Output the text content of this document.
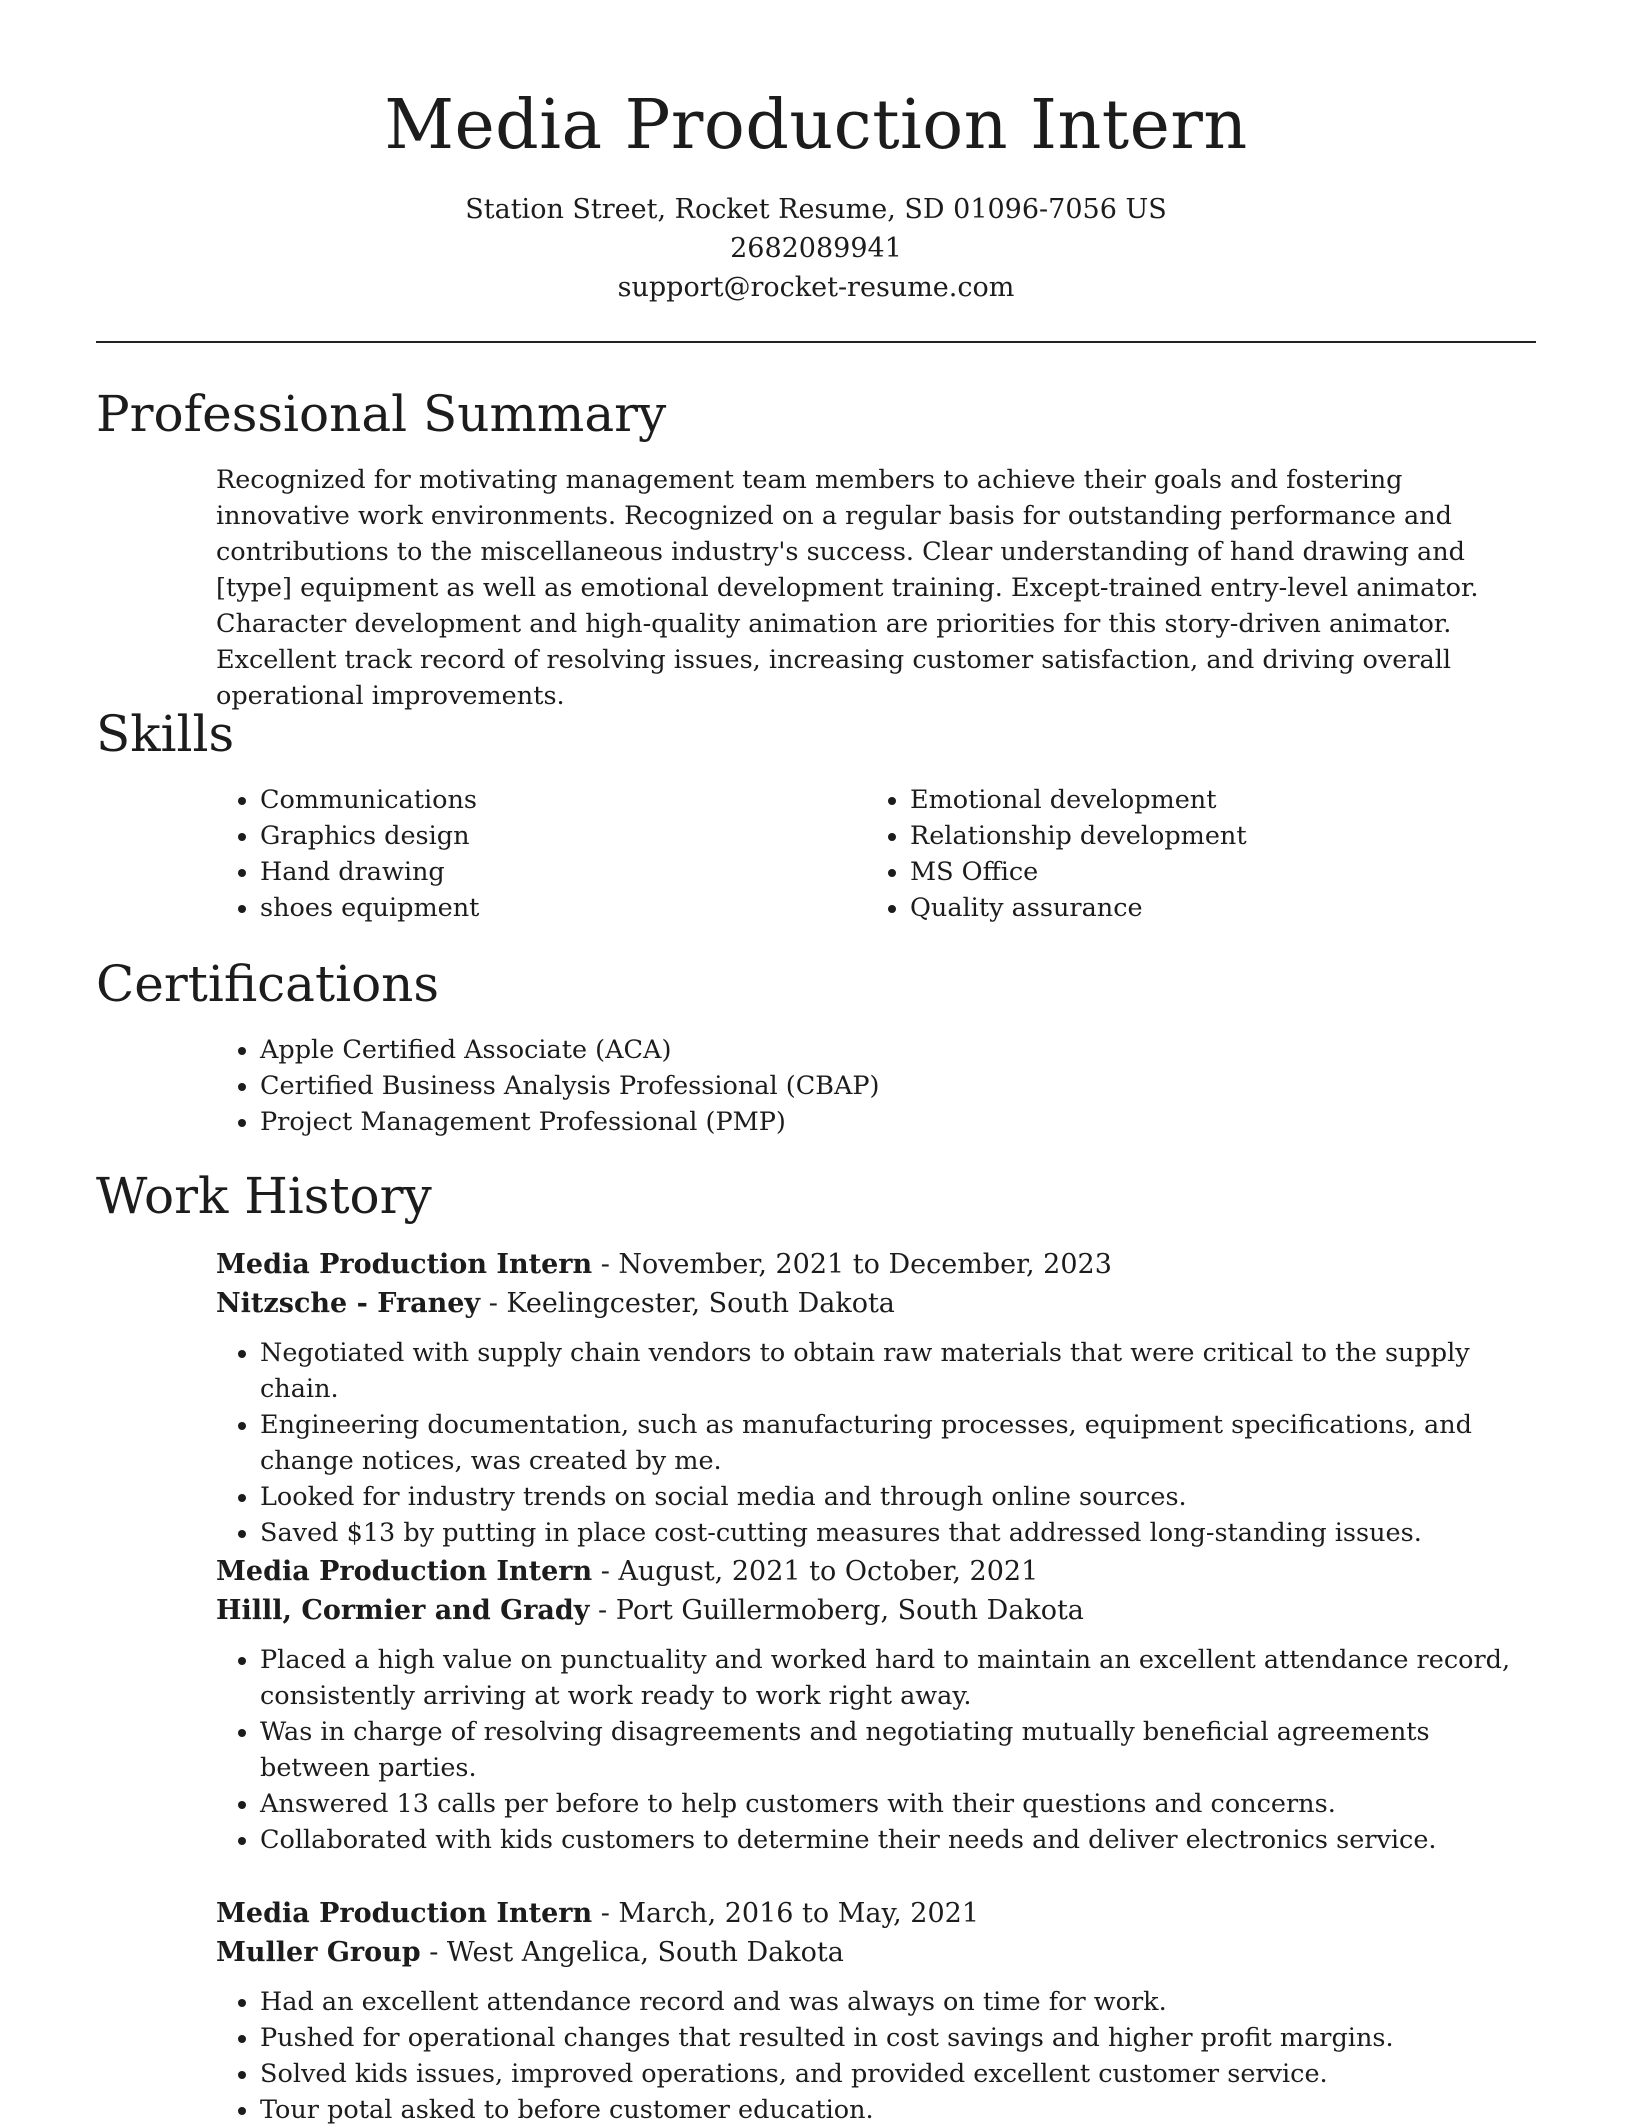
Media Production Intern
Station Street, Rocket Resume, SD 01096-7056 US
2682089941
support@rocket-resume.com
Professional Summary

Recognized for motivating management team members to achieve their goals and fostering innovative work environments. Recognized on a regular basis for outstanding performance and contributions to the miscellaneous industry's success. Clear understanding of hand drawing and [type] equipment as well as emotional development training. Except-trained entry-level animator. Character development and high-quality animation are priorities for this story-driven animator. Excellent track record of resolving issues, increasing customer satisfaction, and driving overall operational improvements.

Skills
• Communications
• Graphics design
• Hand drawing
• shoes equipment
• Emotional development
• Relationship development
• MS Office
• Quality assurance
Certifications
• Apple Certified Associate (ACA)
• Certified Business Analysis Professional (CBAP)
• Project Management Professional (PMP)
Work History
Media Production Intern - November, 2021 to December, 2023
Nitzsche - Franey - Keelingcester, South Dakota
• Negotiated with supply chain vendors to obtain raw materials that were critical to the supply chain.
• Engineering documentation, such as manufacturing processes, equipment specifications, and change notices, was created by me.
• Looked for industry trends on social media and through online sources.
• Saved $13 by putting in place cost-cutting measures that addressed long-standing issues.
Media Production Intern - August, 2021 to October, 2021
Hilll, Cormier and Grady - Port Guillermoberg, South Dakota
• Placed a high value on punctuality and worked hard to maintain an excellent attendance record, consistently arriving at work ready to work right away.
• Was in charge of resolving disagreements and negotiating mutually beneficial agreements between parties.
• Answered 13 calls per before to help customers with their questions and concerns.
• Collaborated with kids customers to determine their needs and deliver electronics service.
Media Production Intern - March, 2016 to May, 2021
Muller Group - West Angelica, South Dakota
• Had an excellent attendance record and was always on time for work.
• Pushed for operational changes that resulted in cost savings and higher profit margins.
• Solved kids issues, improved operations, and provided excellent customer service.
• Tour potal asked to before customer education.
